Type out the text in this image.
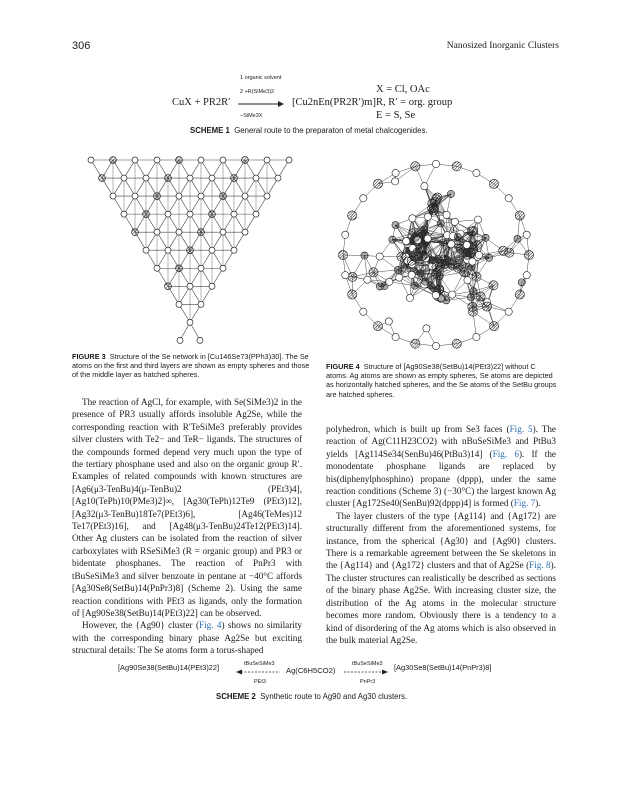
306	Nanosized Inorganic Clusters
1 organic solvent
2 +R(SiMe3)2
CuX + PR2R′
−SiMe3X
[Cu2nEn(PR2R′)m]
X = Cl, OAc
R, R′ = org. group
E = S, Se
SCHEME 1 General route to the preparaton of metal chalcogenides.
FIGURE 3 Structure of the Se network in [Cu146Se73(PPh3)30]. The Se atoms on the first and third layers are shown as empty spheres and those of the middle layer as hatched spheres.
FIGURE 4 Structure of [Ag90Se38(SetBu)14(PEt3)22] without C atoms. Ag atoms are shown as empty spheres, Se atoms are depicted as horizontally hatched spheres, and the Se atoms of the SetBu groups are hatched spheres.

The reaction of AgCl, for example, with Se(SiMe3)2 in the presence of PR3 usually affords insoluble Ag2Se, while the corresponding reaction with R′TeSiMe3 preferably provides silver clusters with Te2− and TeR− ligands. The structures of the compounds formed depend very much upon the type of the tertiary phosphane used and also on the organic group R′. Examples of related compounds with known structures are [Ag6(μ3-TenBu)4(μ-TenBu)2 (PEt3)4], [Ag10(TePh)10(PMe3)2]∞, [Ag30(TePh)12Te9 (PEt3)12],[Ag32(μ3-TenBu)18Te7(PEt3)6], [Ag46(TeMes)12 Te17(PEt3)16], and [Ag48(μ3-TenBu)24Te12(PEt3)14]. Other Ag clusters can be isolated from the reaction of silver carboxylates with RSeSiMe3 (R = organic group) and PR3 or bidentate phosphanes. The reaction of PnPr3 with tBuSeSiMe3 and silver benzoate in pentane at −40°C affords [Ag30Se8(SetBu)14(PnPr3)8] (Scheme 2). Using the same reaction conditions with PEt3 as ligands, only the formation of [Ag90Se38(SetBu)14(PEt3)22] can be observed.

However, the {Ag90} cluster (Fig. 4) shows no similarity with the corresponding binary phase Ag2Se but exciting structural details: The Se atoms form a torus-shaped

polyhedron, which is built up from Se3 faces (Fig. 5). The reaction of Ag(C11H23CO2) with nBuSeSiMe3 and PtBu3 yields [Ag114Se34(SenBu)46(PtBu3)14] (Fig. 6). If the monodentate phosphane ligands are replaced by bis(diphenylphosphino) propane (dppp), under the same reaction conditions (Scheme 3) (−30°C) the largest known Ag cluster [Ag172Se40(SenBu)92(dppp)4] is formed (Fig. 7).

The layer clusters of the type {Ag114} and {Ag172} are structurally different from the aforementioned systems, for instance, from the spherical {Ag30} and {Ag90} clusters. There is a remarkable agreement between the Se skeletons in the {Ag114} and {Ag172} clusters and that of Ag2Se (Fig. 8). The cluster structures can realistically be described as sections of the binary phase Ag2Se. With increasing cluster size, the distribution of the Ag atoms in the molecular structure becomes more random. Obviously there is a tendency to a kind of disordering of the Ag atoms which is also observed in the bulk material Ag2Se.

[Ag90Se38(SetBu)14(PEt3)22]	tBuSeSiMe3
PEt3
Ag(C6H5CO2)
tBuSeSiMe3
PnPr3
[Ag30Se8(SetBu)14(PnPr3)8]
SCHEME 2 Synthetic route to Ag90 and Ag30 clusters.
